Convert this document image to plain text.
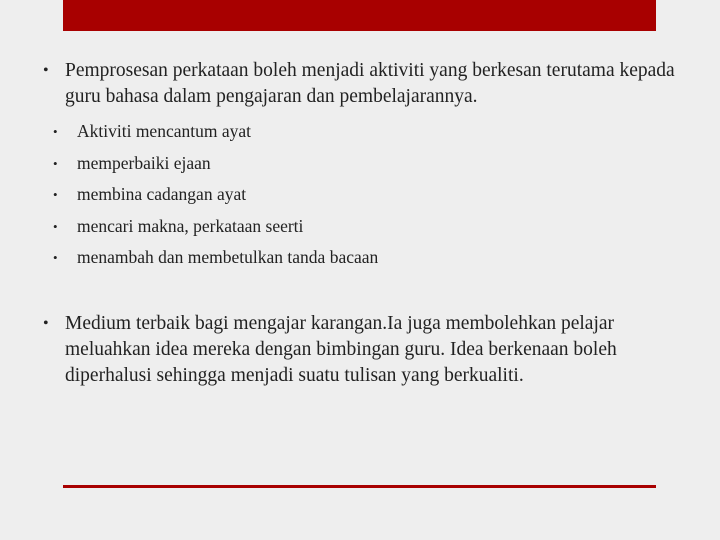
• Pemprosesan perkataan boleh menjadi aktiviti yang berkesan terutama kepada guru bahasa dalam pengajaran dan pembelajarannya.
• Aktiviti mencantum ayat
• memperbaiki ejaan
• membina cadangan ayat
• mencari makna, perkataan seerti
• menambah dan membetulkan tanda bacaan
• Medium terbaik bagi mengajar karangan.Ia juga membolehkan pelajar meluahkan idea mereka dengan bimbingan guru. Idea berkenaan boleh diperhalusi sehingga menjadi suatu tulisan yang berkualiti.
